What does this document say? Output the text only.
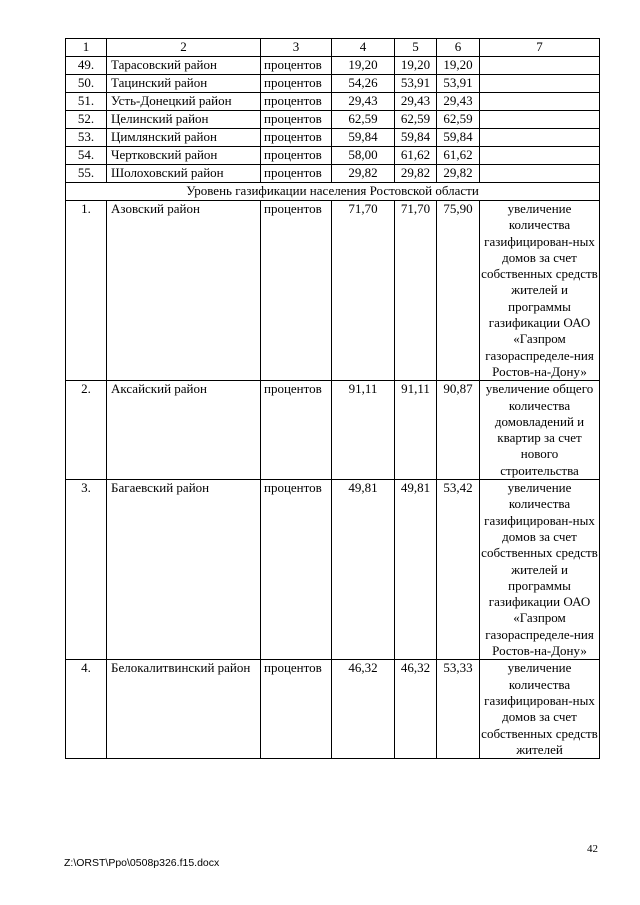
1	2	3	4	5	6	7
49.	Тарасовский район	процентов	19,20	19,20	19,20	
50.	Тацинский район	процентов	54,26	53,91	53,91	
51.	Усть-Донецкий район	процентов	29,43	29,43	29,43	
52.	Целинский район	процентов	62,59	62,59	62,59	
53.	Цимлянский район	процентов	59,84	59,84	59,84	
54.	Чертковский район	процентов	58,00	61,62	61,62	
55.	Шолоховский район	процентов	29,82	29,82	29,82	
Уровень газификации населения Ростовской области						
1.	Азовский район	процентов	71,70	71,70	75,90	увеличение количества газифицирован-ных домов за счет собственных средств жителей и программы газификации ОАО «Газпром газораспределе-ния Ростов-на-Дону»
2.	Аксайский район	процентов	91,11	91,11	90,87	увеличение общего количества домовладений и квартир за счет нового строительства
3.	Багаевский район	процентов	49,81	49,81	53,42	увеличение количества газифицирован-ных домов за счет собственных средств жителей и программы газификации ОАО «Газпром газораспределе-ния Ростов-на-Дону»
4.	Белокалитвинский район	процентов	46,32	46,32	53,33	увеличение количества газифицирован-ных домов за счет собственных средств жителей
42
Z:\ORST\Ppo\0508p326.f15.docx
